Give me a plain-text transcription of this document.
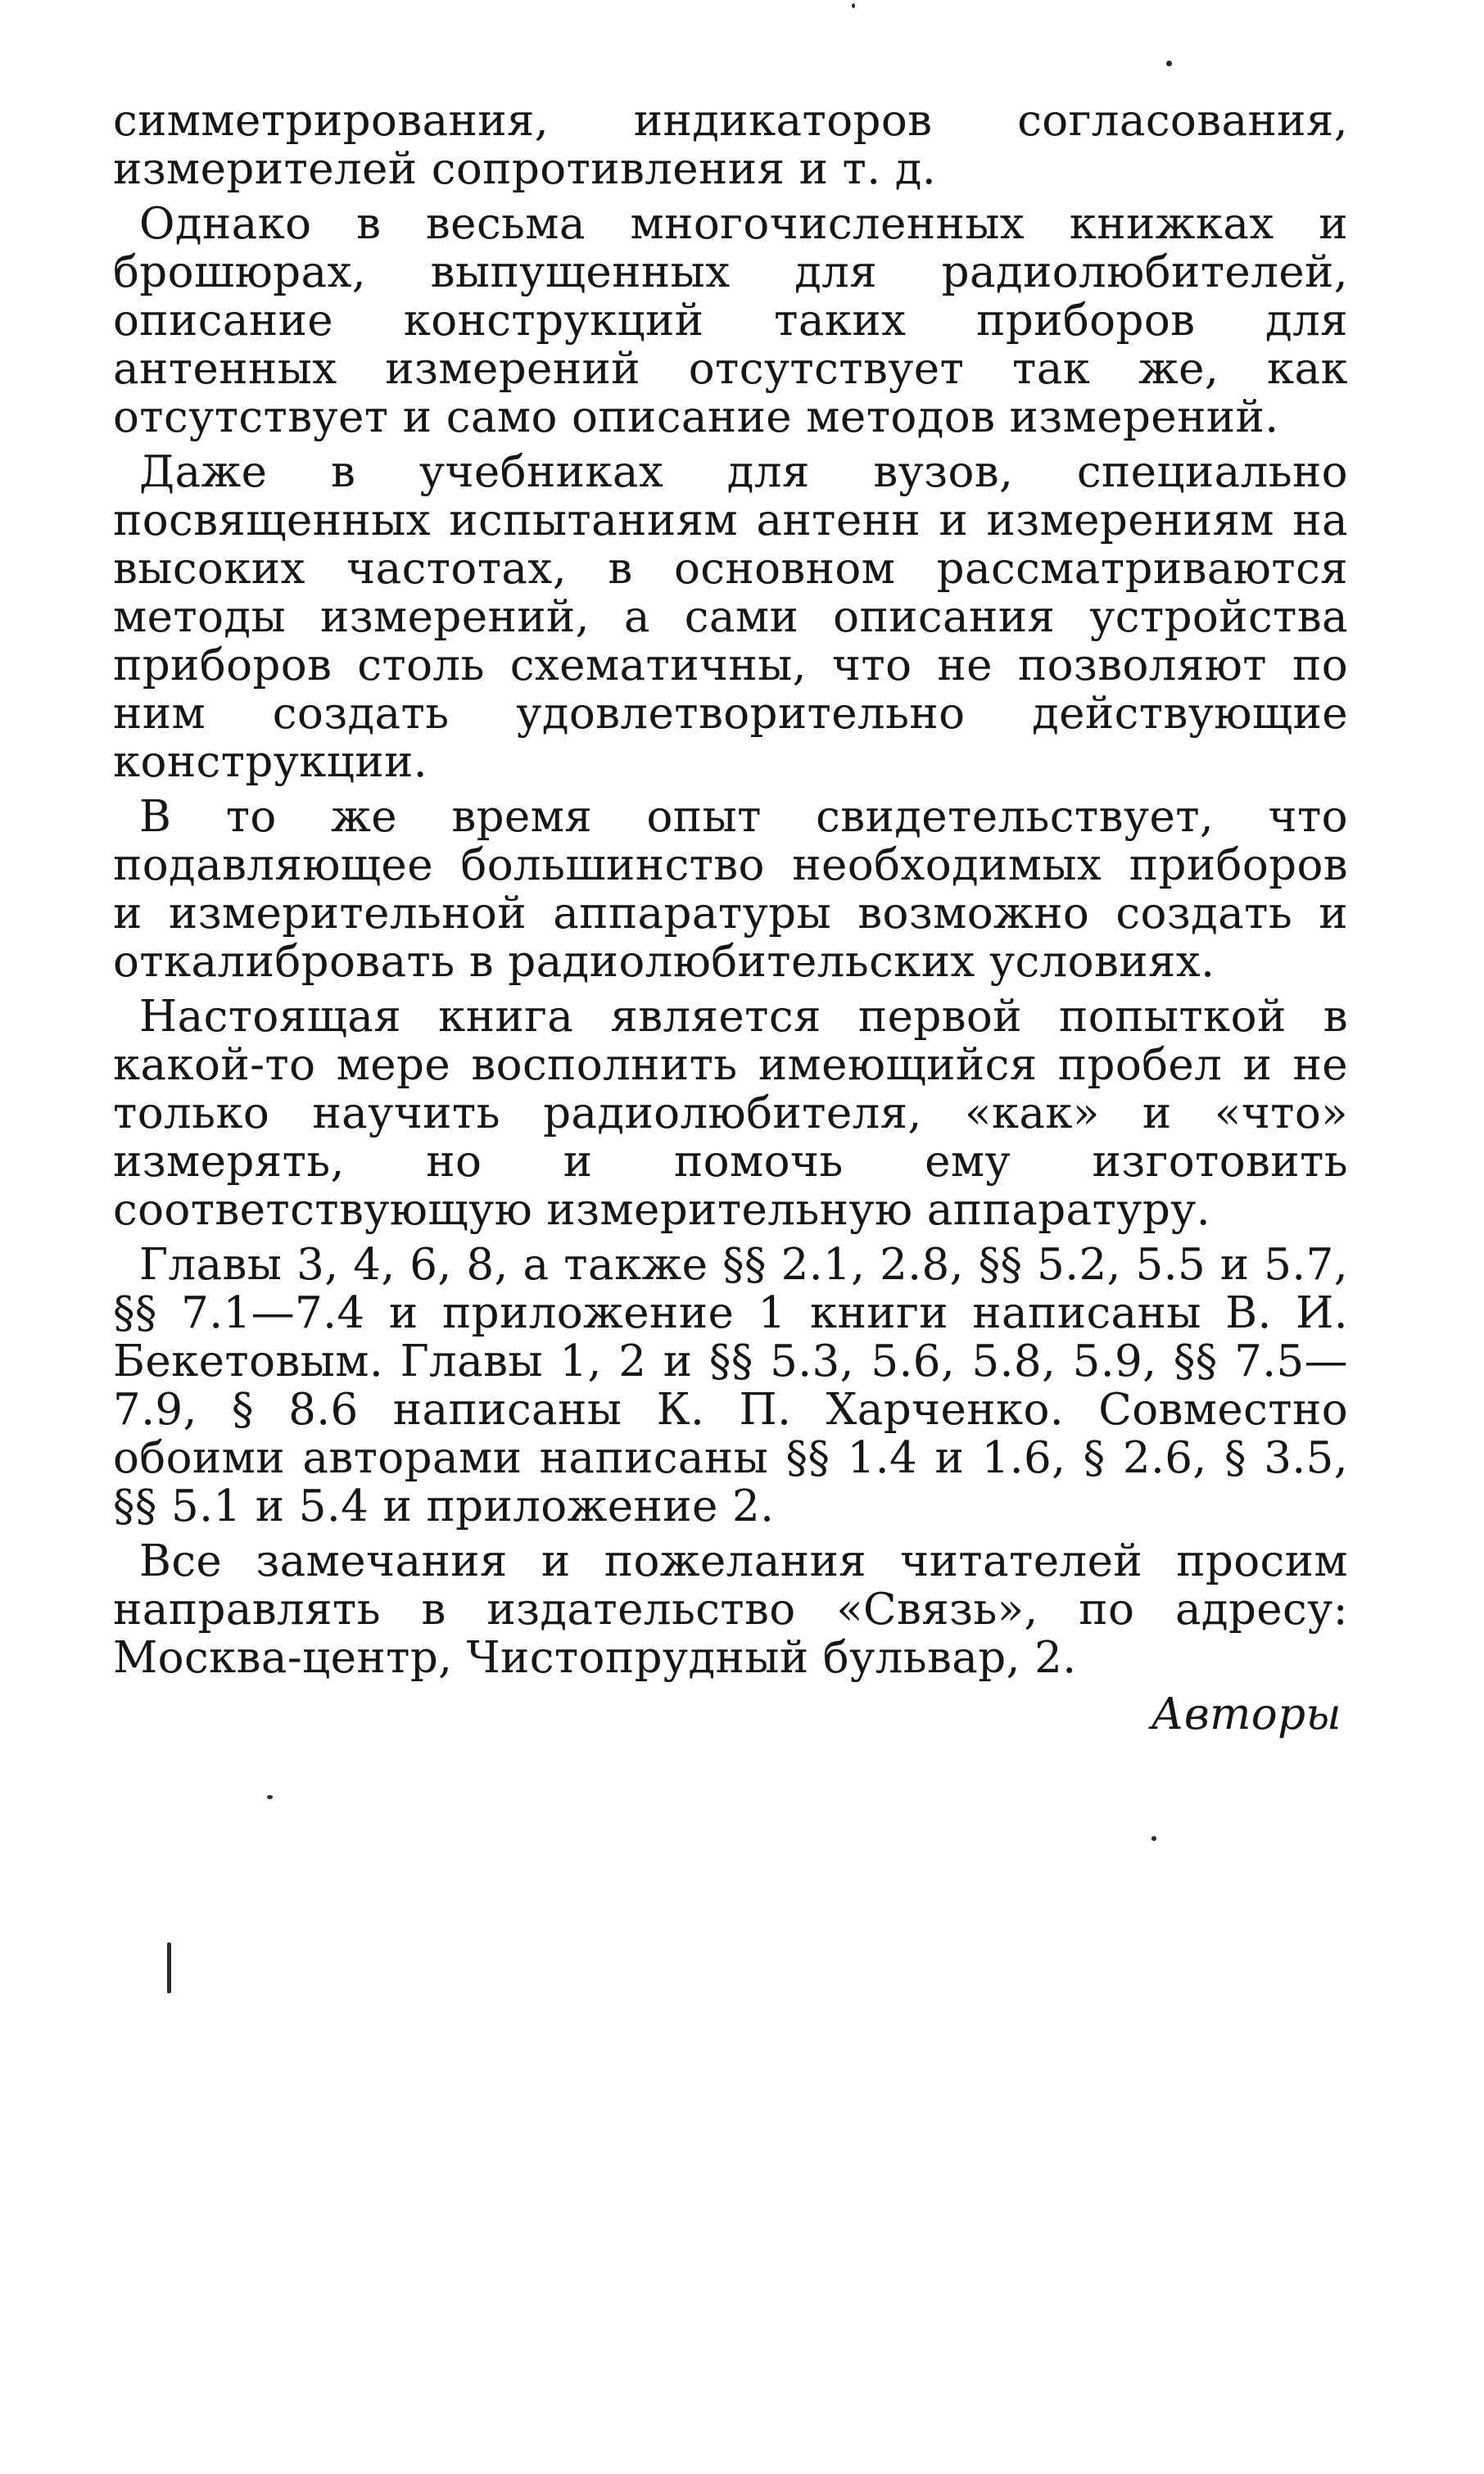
симметрирования, индикаторов согласования, измерителей сопротивления и т. д.

Однако в весьма многочисленных книжках и брошюрах, выпущенных для радиолюбителей, описание конструкций таких приборов для антенных измерений отсутствует так же, как отсутствует и само описание методов измерений.

Даже в учебниках для вузов, специально посвященных испытаниям антенн и измерениям на высоких частотах, в основном рассматриваются методы измерений, а сами описания устройства приборов столь схематичны, что не позволяют по ним создать удовлетворительно действующие конструкции.

В то же время опыт свидетельствует, что подавляющее большинство необходимых приборов и измерительной аппаратуры возможно создать и откалибровать в радиолюбительских условиях.

Настоящая книга является первой попыткой в какой-то мере восполнить имеющийся пробел и не только научить радиолюбителя, «как» и «что» измерять, но и помочь ему изготовить соответствующую измерительную аппаратуру.

Главы 3, 4, 6, 8, а также §§ 2.1, 2.8, §§ 5.2, 5.5 и 5.7, §§ 7.1—7.4 и приложение 1 книги написаны В. И. Бекетовым. Главы 1, 2 и §§ 5.3, 5.6, 5.8, 5.9, §§ 7.5—7.9, § 8.6 написаны К. П. Харченко. Совместно обоими авторами написаны §§ 1.4 и 1.6, § 2.6, § 3.5, §§ 5.1 и 5.4 и приложение 2.

Все замечания и пожелания читателей просим направлять в издательство «Связь», по адресу: Москва-центр, Чистопрудный бульвар, 2.

Авторы
